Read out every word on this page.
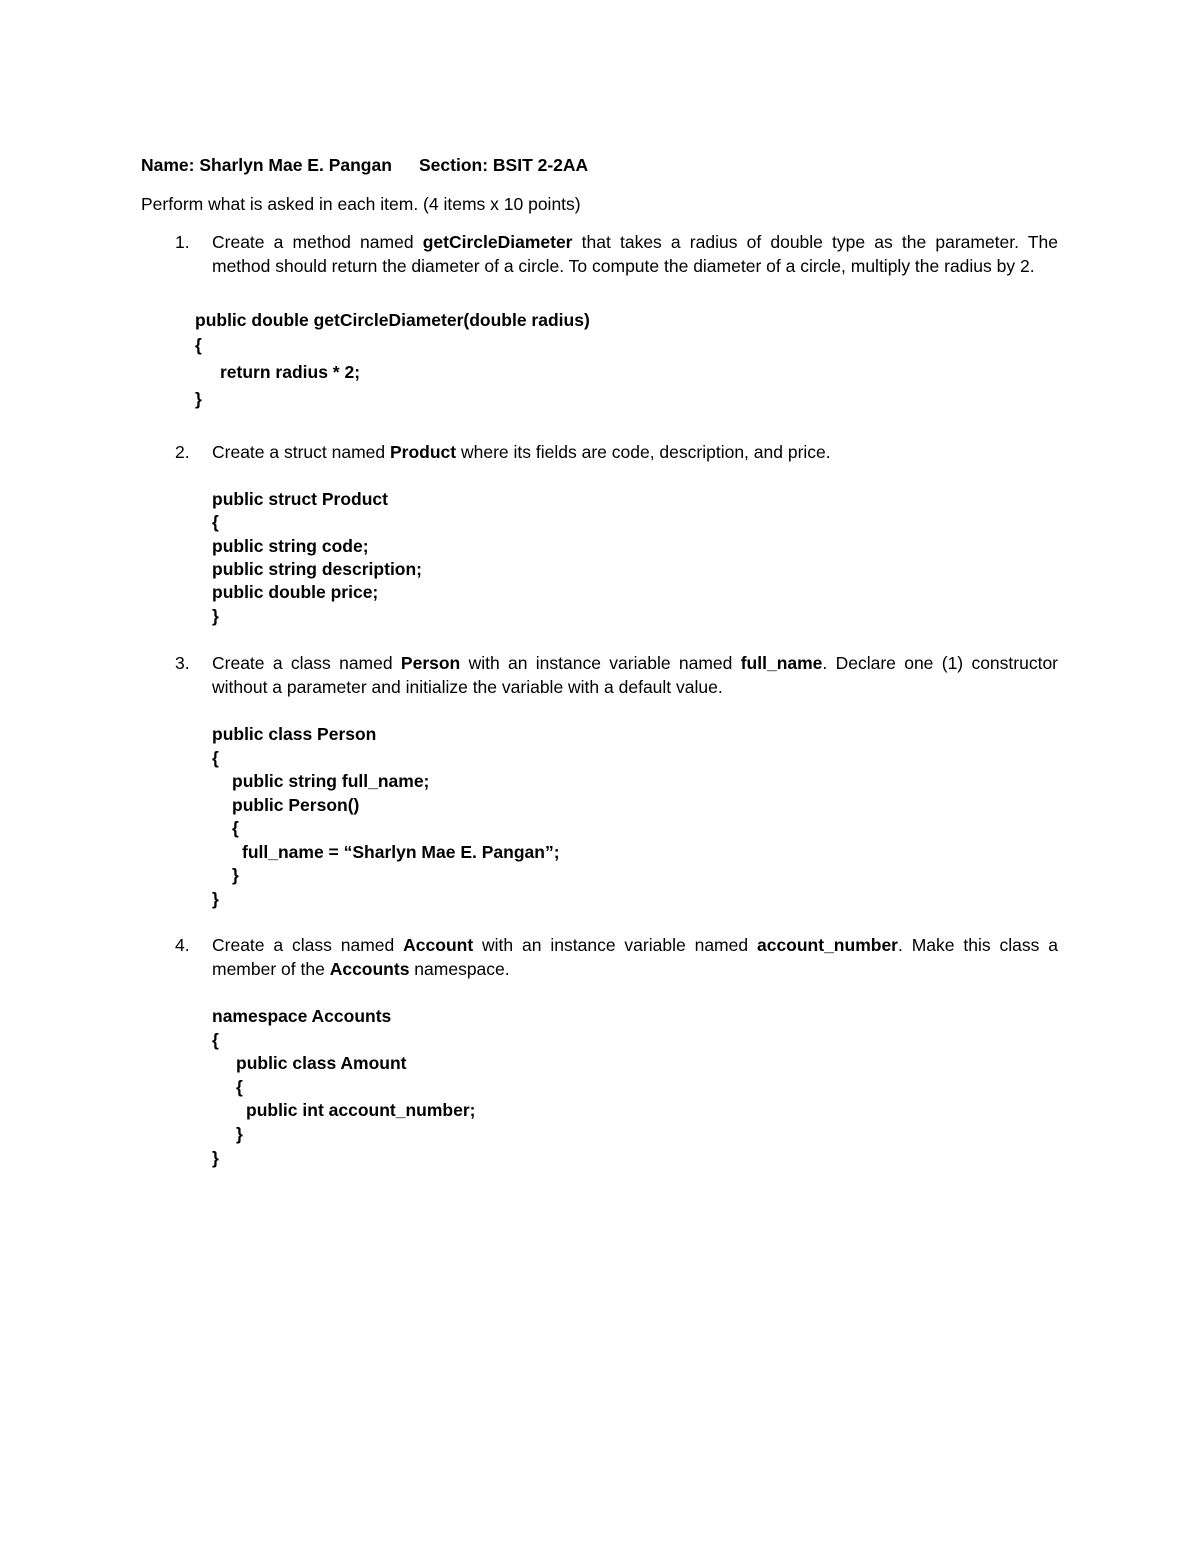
Name: Sharlyn Mae E. Pangan Section: BSIT 2-2AA
Perform what is asked in each item. (4 items x 10 points)
1. Create a method named getCircleDiameter that takes a radius of double type as the parameter. The
method should return the diameter of a circle. To compute the diameter of a circle, multiply the radius by 2.
public double getCircleDiameter(double radius)
{
return radius * 2;
}
2. Create a struct named Product where its fields are code, description, and price.
public struct Product
{
public string code;
public string description;
public double price;
}
3. Create a class named Person with an instance variable named full_name. Declare one (1) constructor
without a parameter and initialize the variable with a default value.
public class Person
{
public string full_name;
public Person()
{
full_name = “Sharlyn Mae E. Pangan”;
}
}
4. Create a class named Account with an instance variable named account_number. Make this class a
member of the Accounts namespace.
namespace Accounts
{
public class Amount
{
public int account_number;
}
}
